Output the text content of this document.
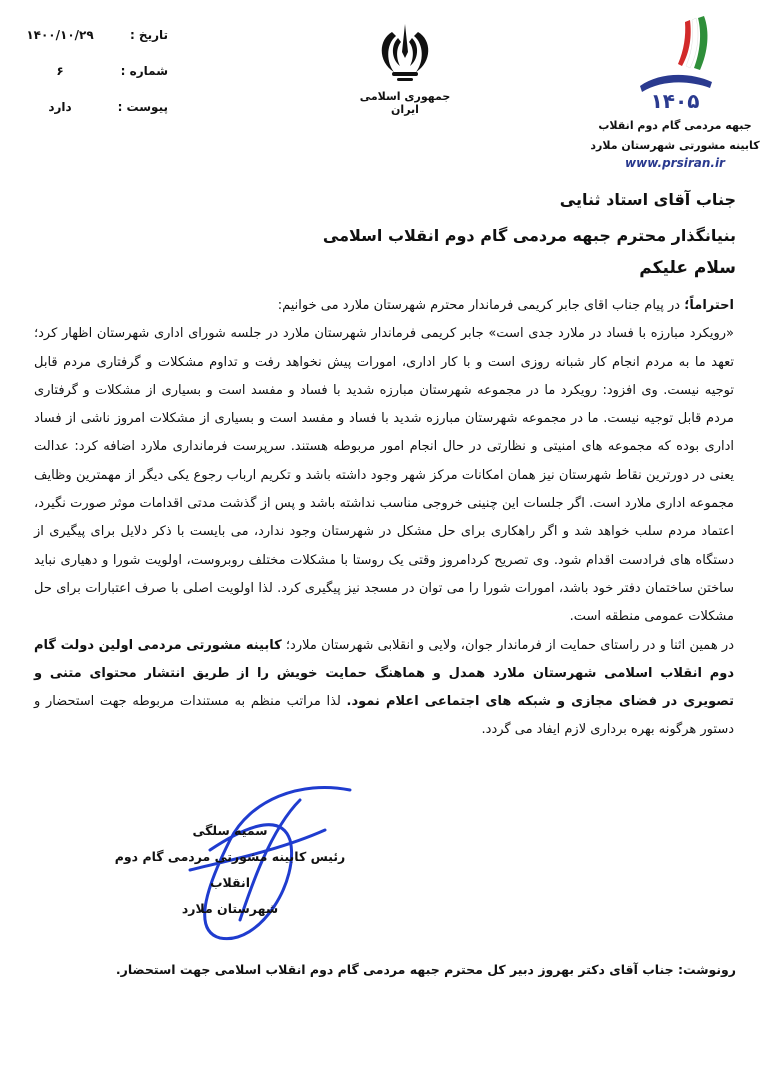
تاریخ :
۱۴۰۰/۱۰/۲۹
شماره :
۶
پیوست :
دارد
جمهوری اسلامی ایران	۱۴۰۵
جبهه مردمی گام دوم انقلاب
کابینه مشورتی شهرستان ملارد
www.prsiran.ir
جناب آقای استاد ثنایی
بنیانگذار محترم جبهه مردمی گام دوم انقلاب اسلامی
سلام علیکم

احتراماً؛ در پیام جناب اقای جابر کریمی فرماندار محترم شهرستان ملارد می خوانیم:

«رویکرد مبارزه با فساد در ملارد جدی است» جابر کریمی فرماندار شهرستان ملارد در جلسه شورای اداری شهرستان اظهار کرد؛ تعهد ما به مردم انجام کار شبانه روزی است و با کار اداری، امورات پیش نخواهد رفت و تداوم مشکلات و گرفتاری مردم قابل توجیه نیست. وی افزود: رویکرد ما در مجموعه شهرستان مبارزه شدید با فساد و مفسد است و بسیاری از مشکلات و گرفتاری مردم قابل توجیه نیست. ما در مجموعه شهرستان مبارزه شدید با فساد و مفسد است و بسیاری از مشکلات امروز ناشی از فساد اداری بوده که مجموعه های امنیتی و نظارتی در حال انجام امور مربوطه هستند. سرپرست فرمانداری ملارد اضافه کرد: عدالت یعنی در دورترین نقاط شهرستان نیز همان امکانات مرکز شهر وجود داشته باشد و تکریم ارباب رجوع یکی دیگر از مهمترین وظایف مجموعه اداری ملارد است. اگر جلسات این چنینی خروجی مناسب نداشته باشد و پس از گذشت مدتی اقدامات موثر صورت نگیرد، اعتماد مردم سلب خواهد شد و اگر راهکاری برای حل مشکل در شهرستان وجود ندارد، می بایست با ذکر دلایل برای پیگیری از دستگاه های فرادست اقدام شود. وی تصریح کردامروز وقتی یک روستا با مشکلات مختلف روبروست، اولویت شورا و دهیاری نباید ساختن ساختمان دفتر خود باشد، امورات شورا را می توان در مسجد نیز پیگیری کرد. لذا اولویت اصلی با صرف اعتبارات برای حل مشکلات عمومی منطقه است.

در همین اثنا و در راستای حمایت از فرماندار جوان، ولایی و انقلابی شهرستان ملارد؛ کابینه مشورتی مردمی اولین دولت گام دوم انقلاب اسلامی شهرستان ملارد همدل و هماهنگ حمایت خویش را از طریق انتشار محتوای متنی و تصویری در فضای مجازی و شبکه های اجتماعی اعلام نمود. لذا مراتب منظم به مستندات مربوطه جهت استحضار و دستور هرگونه بهره برداری لازم ایفاد می گردد.

سمیه سلگی
رئیس کابینه مشورتی مردمی گام دوم انقلاب
شهرستان ملارد
رونوشت: جناب آقای دکتر بهروز دبیر کل محترم جبهه مردمی گام دوم انقلاب اسلامی جهت استحضار.
